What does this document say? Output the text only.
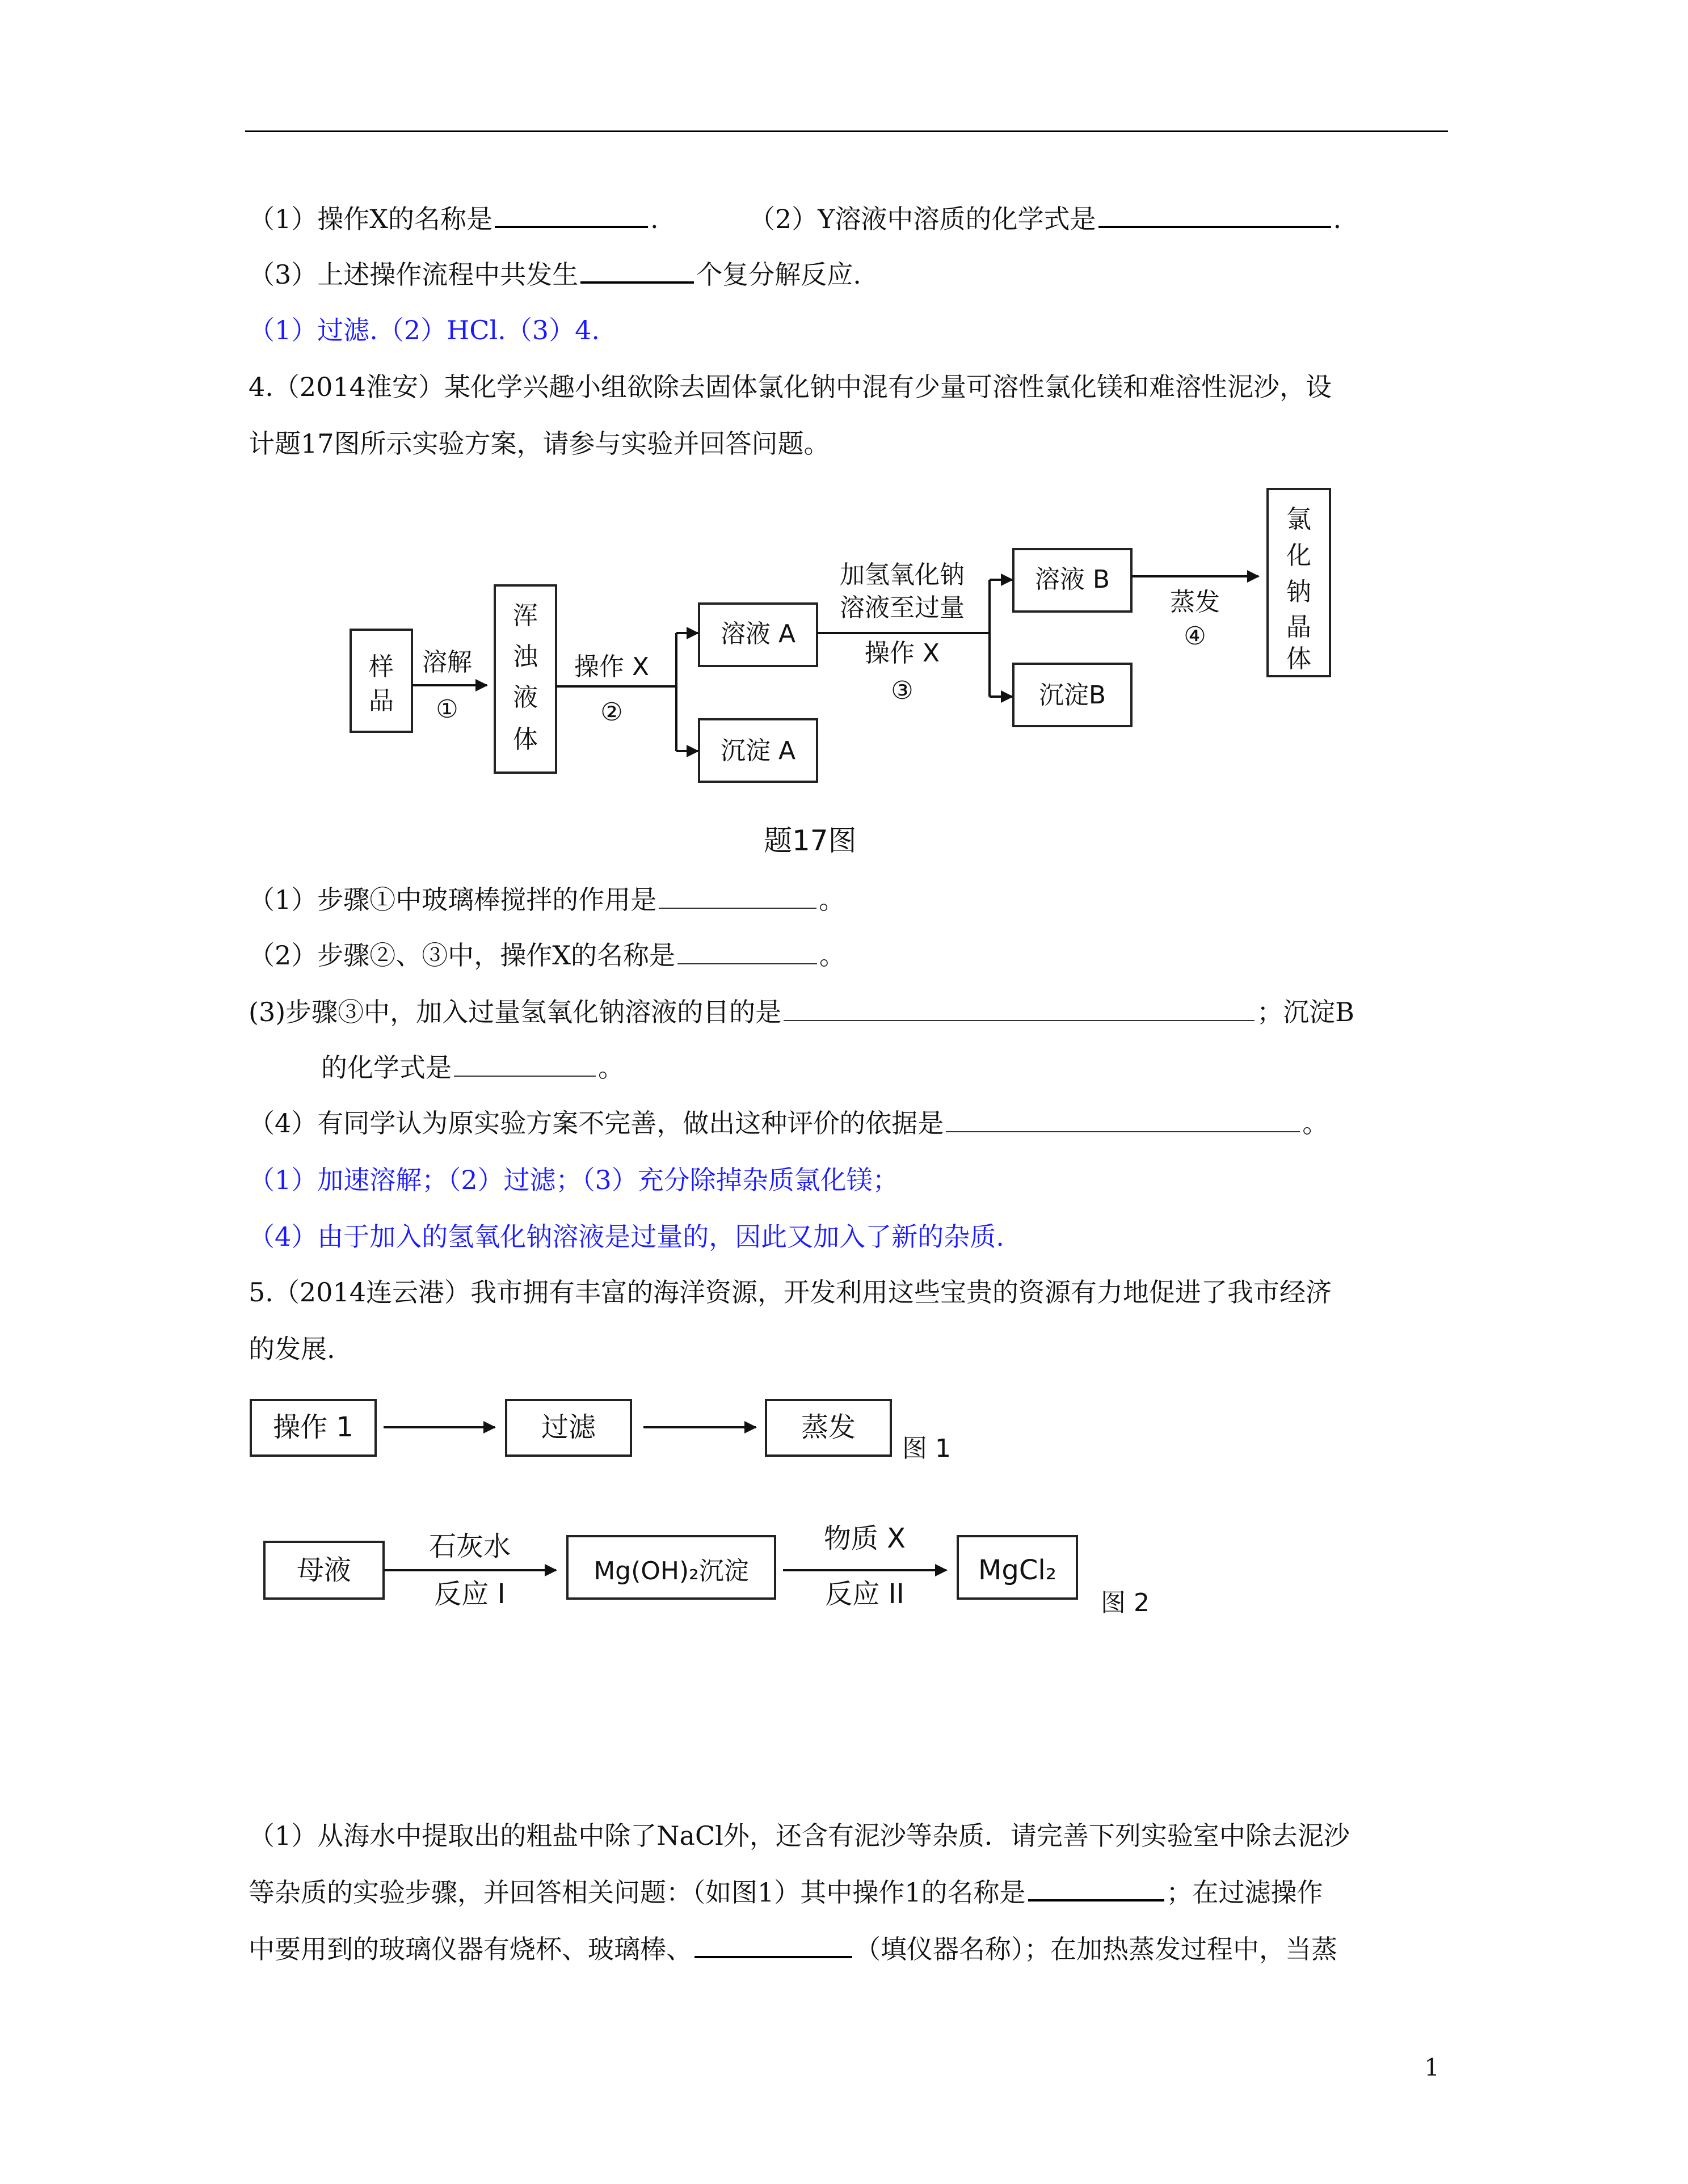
（1）操作X的名称是	.	（2）Y溶液中溶质的化学式是	.
（3）上述操作流程中共发生	个复分解反应.
（1）过滤.（2）HCl.（3）4.
4.（2014淮安）某化学兴趣小组欲除去固体氯化钠中混有少量可溶性氯化镁和难溶性泥沙，设
计题17图所示实验方案，请参与实验并回答问题。
样
品
溶解
①
浑
浊
液
体
操作 X
②
溶液 A
沉淀 A
加氢氧化钠
溶液至过量
操作 X
③
溶液 B
沉淀B
蒸发
④
氯
化
钠
晶
体
题17图
（1）步骤①中玻璃棒搅拌的作用是	。
（2）步骤②、③中，操作X的名称是	。
(3)步骤③中，加入过量氢氧化钠溶液的目的是	；沉淀B
的化学式是	。
（4）有同学认为原实验方案不完善，做出这种评价的依据是	。
（1）加速溶解；（2）过滤；（3）充分除掉杂质氯化镁；
（4）由于加入的氢氧化钠溶液是过量的，因此又加入了新的杂质.
5.（2014连云港）我市拥有丰富的海洋资源，开发利用这些宝贵的资源有力地促进了我市经济
的发展.
操作 1	过滤	蒸发
图 1
母液
石灰水
反应 I
Mg(OH)₂沉淀
物质 X
反应 II
MgCl₂
图 2
（1）从海水中提取出的粗盐中除了NaCl外，还含有泥沙等杂质．请完善下列实验室中除去泥沙
等杂质的实验步骤，并回答相关问题：（如图1）其中操作1的名称是	；在过滤操作
中要用到的玻璃仪器有烧杯、玻璃棒、	（填仪器名称）；在加热蒸发过程中，当蒸
1
